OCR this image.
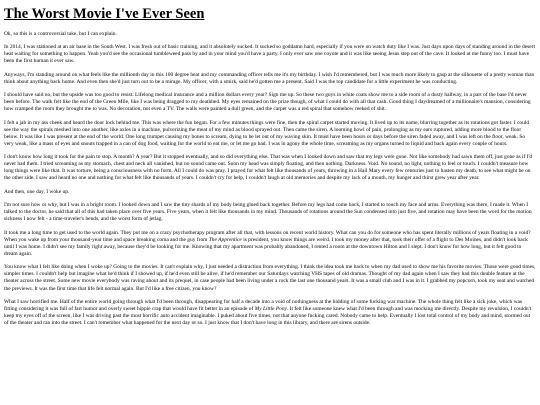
The Worst Movie I've Ever Seen

Ok, so this is a controversial take, but I can explain.

In 2014, I was stationed at an air base in the South West. I was fresh out of basic training, and it absolutely sucked. It sucked so goddamn hard, especially if you were on watch duty like I was. Just days upon days of standing around in the desert heat waiting for something to happen. Yeah you'd see the occasional tumbleweed pass by and in your mind you'd have a party. I only ever saw one coyote and it was like seeing Jesus step out of the cave. It looked at me funny too. I must have been the first human it ever saw.

Anyways, I'm standing around on what feels like the millionth day in this 100 degree heat and my commanding officer tells me it's my birthday. I wish I'd remembered, but I was much more likely to gasp at the silhouette of a pretty woman than think about anything back home. And even then she'd just turn out to be a mirage. My officer, with a smirk, said he'd gotten me a present. Said I was the top candidate for a little experiment he was conducting.

I should have said no, but the upside was too good to resist. Lifelong medical insurance and a million dollars every year? Sign me up. So these two guys in white coats show me to a side room of a dusty hallway, in a part of the base I'd never been before. The walk felt like the end of the Green Mile, like I was being dragged to my deathbed. My eyes remained on the prize though, of what I could do with all that cash. Good thing I daydreamed of a millionaire's mansion, considering how cramped the room they brought me to was. No decoration, not even a TV. The walls were painted a dull green, and the carpet was a red spiral that somehow reeked of shit.

I felt a jab in my ass cheek and heard the door lock behind me. This was where the fun began. For a few minutes things were fine, then the spiral carpet started moving. It lived up to its name, blurring together as its rotations got faster. I could see the way the spirals meshed into one another, like axles in a machine, pulverizing the meat of my mind as blood sprayed out. Then came the siren. A looming howl of pain, prolonging as my ears ruptured, adding more blood to the floor below. It was like I was present at the end of the world. One long trumpet causing my bones to scream, dying to be let out of my waving skin. It must have been hours or days before the siren faded away, and I was left on the floor, weak. So very weak, like a mass of eyes and snouts trapped in a can of dog food, waiting for the world to eat me, or let me go bad. I was in agony the whole time, screaming as my organs turned to liquid and back again every couple of hours.

I don't know how long it took for the pain to stop. A month? A year? But it stopped eventually, and so did everything else. That was when I looked down and saw that my legs were gone. Not like somebody had sawn them off, just gone as if I'd never had them. I tried screaming as my stomach, chest and neck all vanished, but no sound came out. Soon my head was simply floating, and then nothing. Darkness. Void. No sound, no light, nothing to feel or touch. I couldn't measure how long things were like that. It was torture, being a consciousness with no form. All I could do was pray. I prayed for what felt like thousands of years, throwing in a Hail Mary every few centuries just to hasten my death, to see what might be on the other side. I saw and heard no one and nothing for what felt like thousands of years. I couldn't cry for help, I couldn't laugh at old memories and despite my lack of a mouth, my hunger and thirst grew year after year.

And then, one day, I woke up.

I'm not sure how or why, but I was in a bright room. I looked down and I saw the tiny shards of my body being glued back together. Before my legs had come back, I started to touch my face and arms. Everything was there, I made it. When I talked to the doctor, he said that all of this had taken place over five years. Five years, when it felt like thousands in my mind. Thousands of rotations around the Sun condensed into just five, and rotation may have been the word for the motion sickness I now felt - a time-traveler's bends, and the worst form of jetlag.

It took me a long time to get used to the world again. They put me on a crazy psychotherapy program after all that, with lessons on recent world history. What can you do for someone who has spent literally millions of years floating in a void? When you wake up from your thousand-year time and space breaking coma and the guy from The Apprentice is president, you know things are weird. I took my money after that, took their offer of a flight to Des Moines, and didn't look back until I was home. I didn't see my family right away, because they'd be looking for me. Knowing that my apartment was probably abandoned, I rented a room at the downtown Hilton and I slept. I don't know for how long, but it felt good to dream again.

You know what I felt like doing when I woke up? Going to the movies. It can't explain why, I just needed a distraction from everything. I think the idea took me back to when my dad used to show me his favorite movies. Those were good times, simpler times. I couldn't help but imagine what he'd think if I showed up, if he'd even still be alive, if he'd remember our Saturdays watching VHS tapes of old dramas. Thought of my dad again when I saw they had this double feature at the theater across the street. Some new movie everybody was raving about and its prequel, in case people had been living under a rock the last one thousand years. It was a small club and I was in it. I grabbed my popcorn, took my seat and watched the previews. It was the first time that life felt normal again. But I'd like a free citizen, you know?

What I saw horrified me. Half of the entire world going through what I'd been through, disappearing for half a decade into a void of nothingness at the bidding of some fucking war machine. The whole thing felt like a sick joke, which was fitting considering it was full of fart humor and overly sweet hippie crap that would have fit better in an episode of My Little Pony. It felt like someone knew what I'd been through and was mocking me directly. Despite my revulsion, I couldn't keep my eyes off of the screen, like I was driving past the most horrific auto accident imaginable. I puked about five times, not that anyone fucking cared. Nobody came to help. Eventually I lost total control of my body and mind, stormed out of the theater and ran into the street. I can't remember what happened for the next day or so. I just know that I don't have long in this library, and there are sirens outside.
